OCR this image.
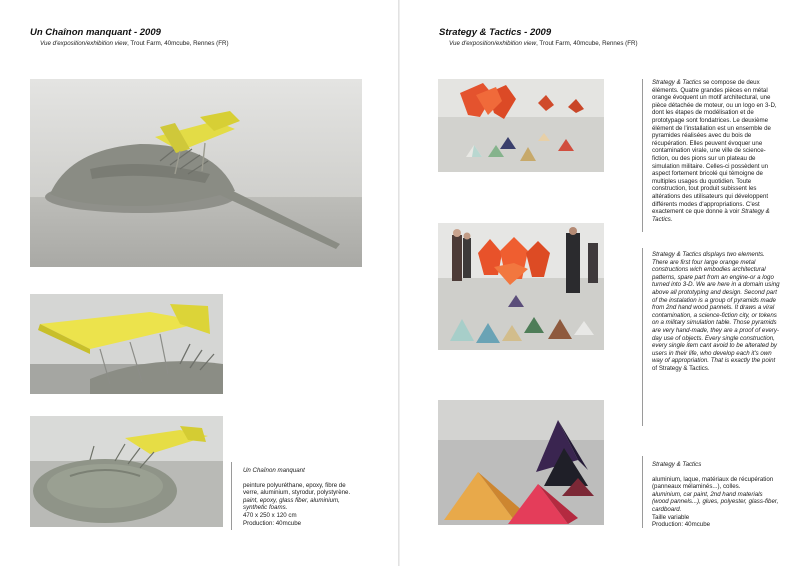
Un Chaînon manquant - 2009
Vue d'exposition/exhibition view, Trout Farm, 40mcube, Rennes (FR)

Un Chaînon manquant

peinture polyuréthane, epoxy, fibre de verre, aluminium, styrodur, polystyrène.

paint, epoxy, glass fiber, aluminium, synthetic foams.

470 x 250 x 120 cm

Production: 40mcube

Strategy & Tactics - 2009
Vue d'exposition/exhibition view, Trout Farm, 40mcube, Rennes (FR)
Strategy & Tactics se compose de deux éléments. Quatre grandes pièces en métal orange évoquent un motif architectural, une pièce détachée de moteur, ou un logo en 3-D, dont les étapes de modélisation et de prototypage sont fondatrices. Le deuxième élément de l'installation est un ensemble de pyramides réalisées avec du bois de récupération. Elles peuvent évoquer une contamination virale, une ville de science-fiction, ou des pions sur un plateau de simulation militaire. Celles-ci possèdent un aspect fortement bricolé qui témoigne de multiples usages du quotidien. Toute construction, tout produit subissent les altérations des utilisateurs qui développent différents modes d'appropriations. C'est exactement ce que donne à voir Strategy & Tactics.
Strategy & Tactics displays two elements. There are first four large orange metal constructions wich embodies architectural patterns, spare part from an engine-or a logo turned into 3-D. We are here in a domain using above all prototyping and design. Second part of the instalation is a group of pyramids made from 2nd hand wood pannels. It draws a viral contamination, a science-fiction city, or tokens on a military simulation table. Those pyramids are very hand-made, they are a proof of every-day use of objects. Every single construction, every single item cant avoid to be alterated by users in their life, who develop each it's own way of appropriation. That is exactly the point
of Strategy & Tactics.

Strategy & Tactics

aluminium, laque, matériaux de récupération (panneaux mélaminés...), colles.

aluminium, car paint, 2nd hand materials (wood pannels...), glues, polyester, glass-fiber, cardboard.

Taille variable

Production: 40mcube
